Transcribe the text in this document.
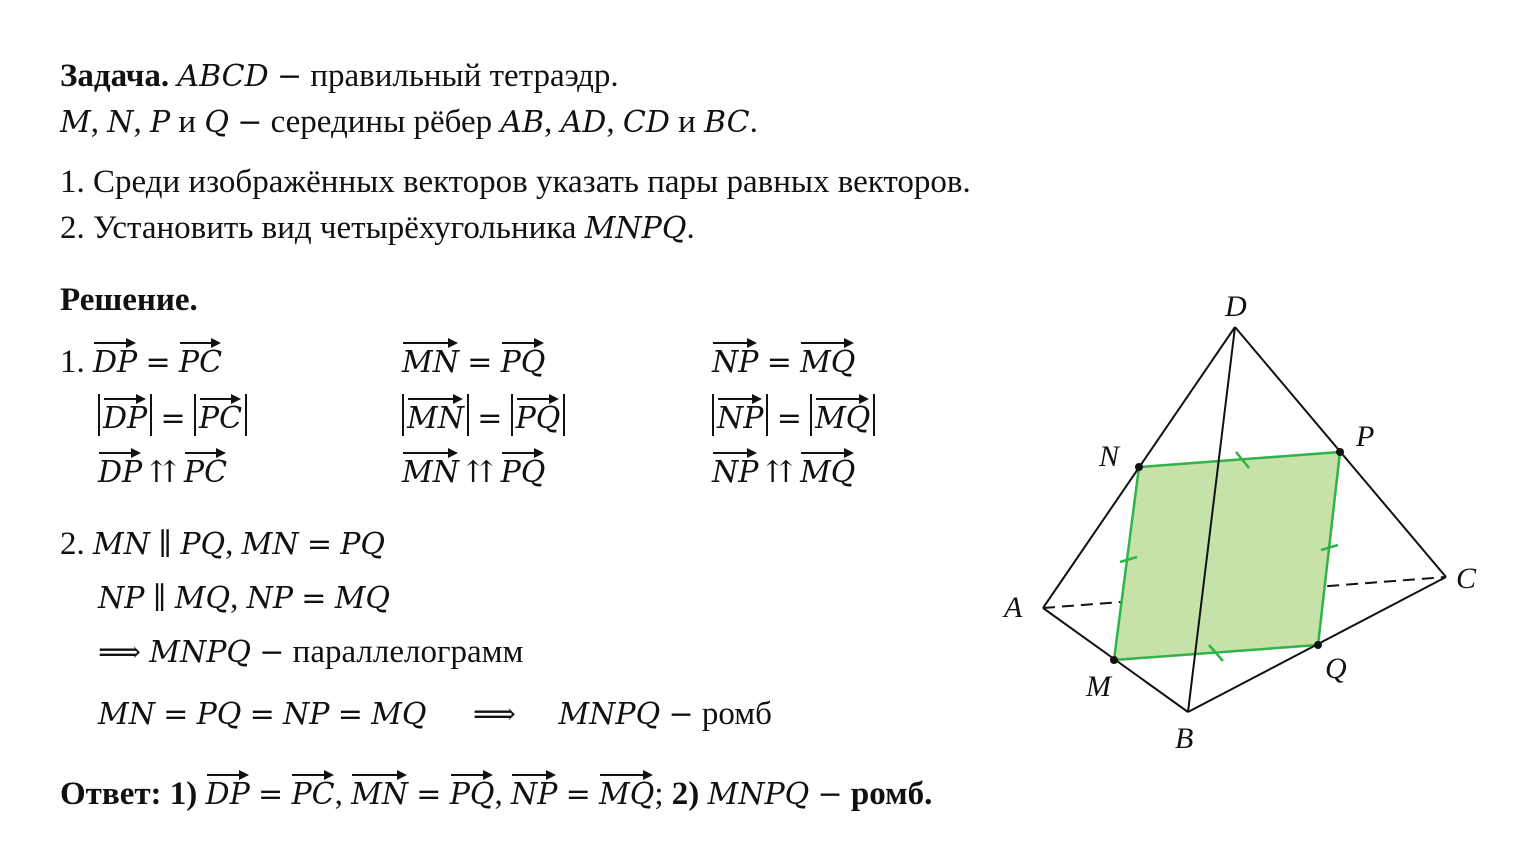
Задача. ABCD − правильный тетраэдр.
M, N, P и Q − середины рёбер AB, AD, CD и BC.
1. Среди изображённых векторов указать пары равных векторов.
2. Установить вид четырёхугольника MNPQ.
Решение.
1. DP = PC	MN = PQ	NP = MQ
DP = PC	MN = PQ	NP = MQ
DP ⇈ PC	MN ⇈ PQ	NP ⇈ MQ
2. MN ∥ PQ, MN = PQ
NP ∥ MQ, NP = MQ
⟹ MNPQ − параллелограмм
MN = PQ = NP = MQ ⟹ MNPQ − ромб
Ответ: 1) DP = PC, MN = PQ, NP = MQ; 2) MNPQ − ромб.
D
A
B
C
N
P
M
Q
